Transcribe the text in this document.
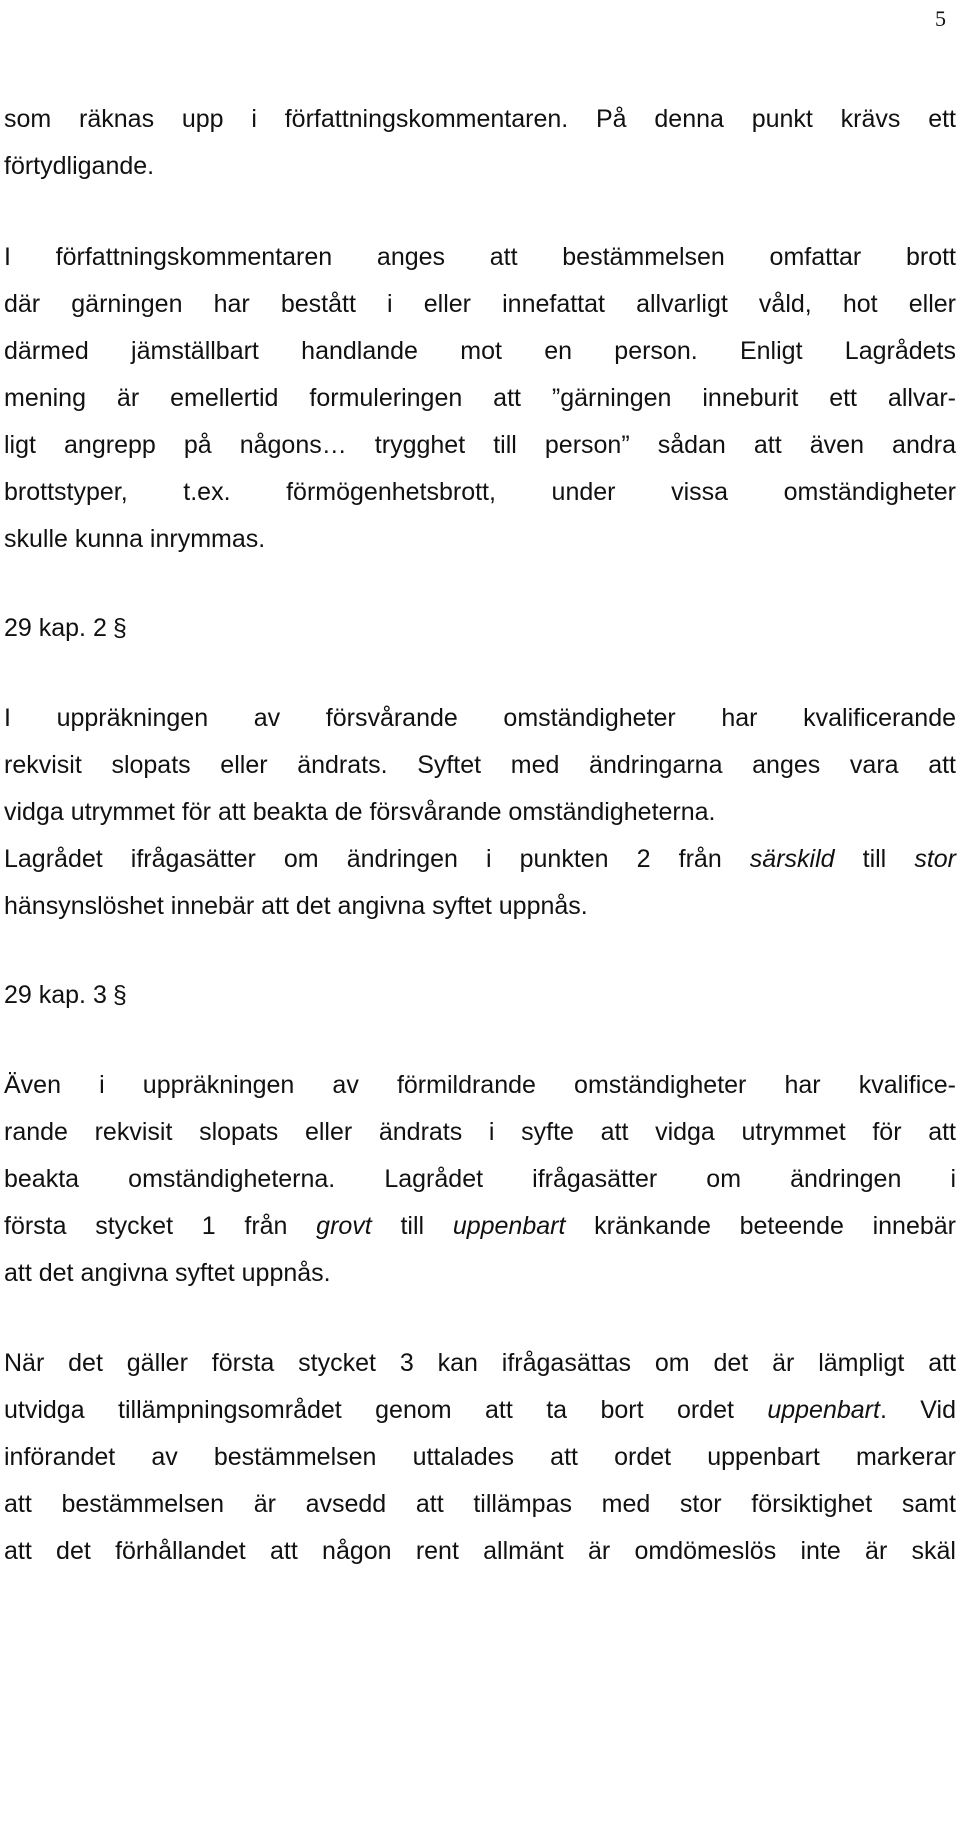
5
som räknas upp i författningskommentaren. På denna punkt krävs ett
förtydligande.
I författningskommentaren anges att bestämmelsen omfattar brott
där gärningen har bestått i eller innefattat allvarligt våld, hot eller
därmed jämställbart handlande mot en person. Enligt Lagrådets
mening är emellertid formuleringen att ”gärningen inneburit ett allvar-
ligt angrepp på någons… trygghet till person” sådan att även andra
brottstyper, t.ex. förmögenhetsbrott, under vissa omständigheter
skulle kunna inrymmas.
29 kap. 2 §
I uppräkningen av försvårande omständigheter har kvalificerande
rekvisit slopats eller ändrats. Syftet med ändringarna anges vara att
vidga utrymmet för att beakta de försvårande omständigheterna.
Lagrådet ifrågasätter om ändringen i punkten 2 från särskild till stor
hänsynslöshet innebär att det angivna syftet uppnås.
29 kap. 3 §
Även i uppräkningen av förmildrande omständigheter har kvalifice-
rande rekvisit slopats eller ändrats i syfte att vidga utrymmet för att
beakta omständigheterna. Lagrådet ifrågasätter om ändringen i
första stycket 1 från grovt till uppenbart kränkande beteende innebär
att det angivna syftet uppnås.
När det gäller första stycket 3 kan ifrågasättas om det är lämpligt att
utvidga tillämpningsområdet genom att ta bort ordet uppenbart. Vid
införandet av bestämmelsen uttalades att ordet uppenbart markerar
att bestämmelsen är avsedd att tillämpas med stor försiktighet samt
att det förhållandet att någon rent allmänt är omdömeslös inte är skäl
